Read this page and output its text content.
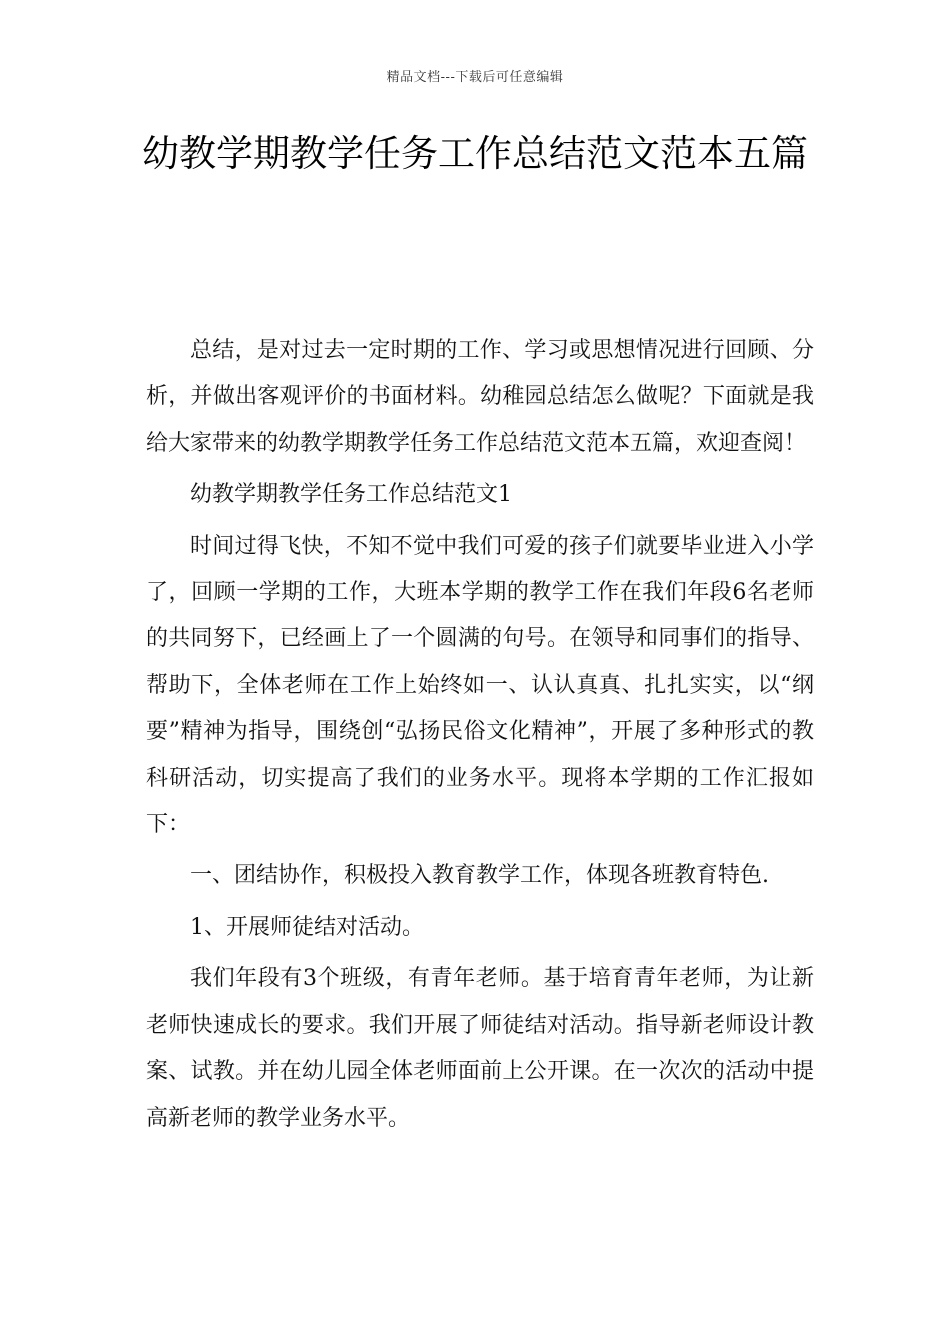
精品文档---下载后可任意编辑
幼教学期教学任务工作总结范文范本五篇

总结，是对过去一定时期的工作、学习或思想情况进行回顾、分析，并做出客观评价的书面材料。幼稚园总结怎么做呢？下面就是我给大家带来的幼教学期教学任务工作总结范文范本五篇，欢迎查阅！

幼教学期教学任务工作总结范文1

时间过得飞快，不知不觉中我们可爱的孩子们就要毕业进入小学了，回顾一学期的工作，大班本学期的教学工作在我们年段6名老师的共同努下，已经画上了一个圆满的句号。在领导和同事们的指导、帮助下，全体老师在工作上始终如一、认认真真、扎扎实实，以“纲要”精神为指导，围绕创“弘扬民俗文化精神”，开展了多种形式的教科研活动，切实提高了我们的业务水平。现将本学期的工作汇报如下：

一、团结协作，积极投入教育教学工作，体现各班教育特色.

1、开展师徒结对活动。

我们年段有3个班级，有青年老师。基于培育青年老师，为让新老师快速成长的要求。我们开展了师徒结对活动。指导新老师设计教案、试教。并在幼儿园全体老师面前上公开课。在一次次的活动中提高新老师的教学业务水平。
